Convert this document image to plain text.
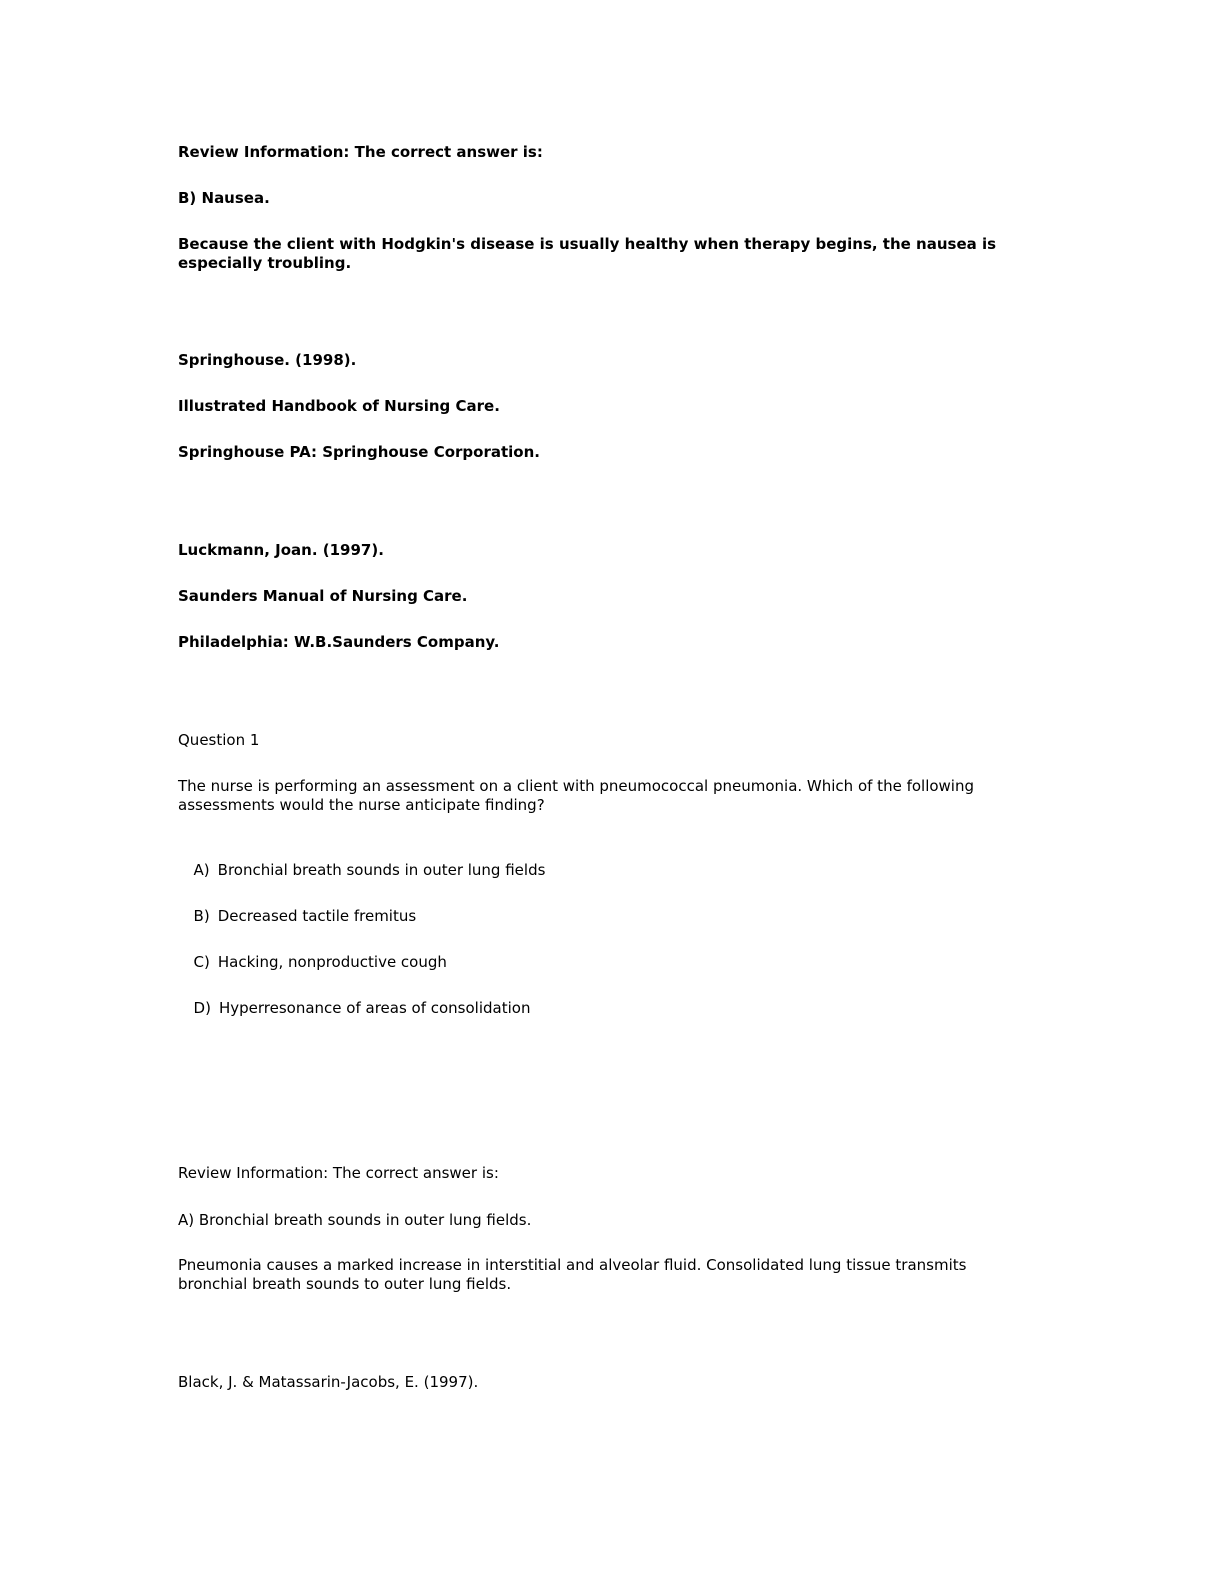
Review Information: The correct answer is:

B) Nausea.

Because the client with Hodgkin's disease is usually healthy when therapy begins, the nausea is especially troubling.

Springhouse. (1998).

Illustrated Handbook of Nursing Care.

Springhouse PA: Springhouse Corporation.

Luckmann, Joan. (1997).

Saunders Manual of Nursing Care.

Philadelphia: W.B.Saunders Company.

Question 1

The nurse is performing an assessment on a client with pneumococcal pneumonia. Which of the following assessments would the nurse anticipate finding?

A) Bronchial breath sounds in outer lung fields

B) Decreased tactile fremitus

C) Hacking, nonproductive cough

D) Hyperresonance of areas of consolidation

Review Information: The correct answer is:

A) Bronchial breath sounds in outer lung fields.

Pneumonia causes a marked increase in interstitial and alveolar fluid. Consolidated lung tissue transmits bronchial breath sounds to outer lung fields.

Black, J. & Matassarin-Jacobs, E. (1997).
